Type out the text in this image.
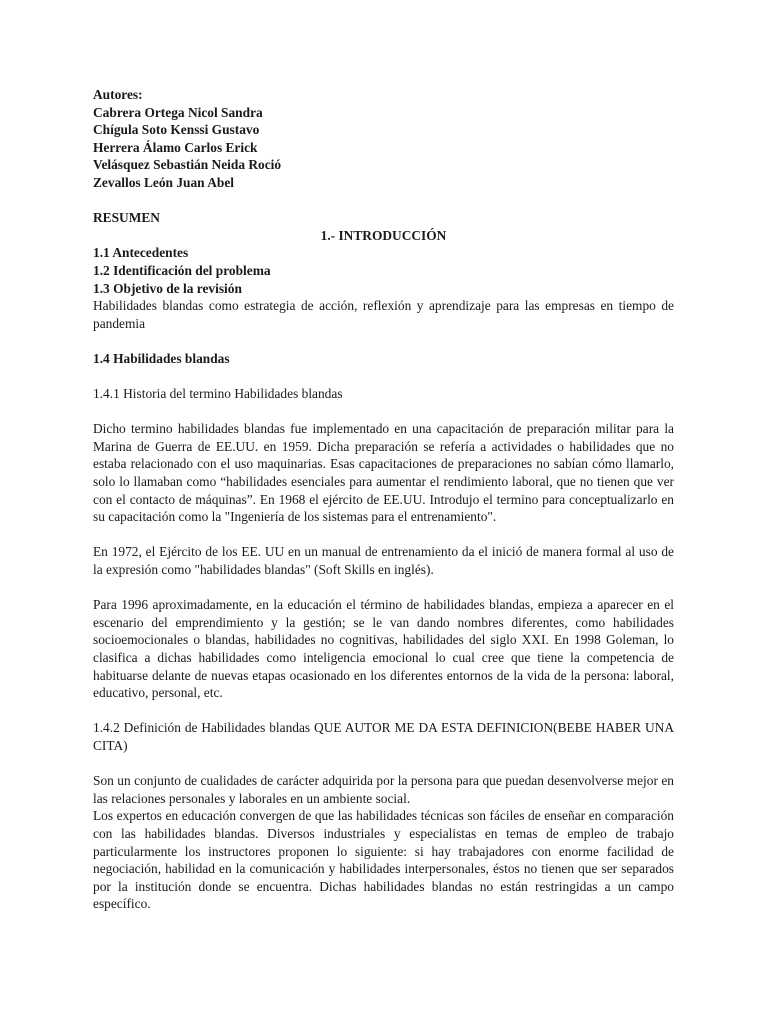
Autores:

Cabrera Ortega Nicol Sandra

Chígula Soto Kenssi Gustavo

Herrera Álamo Carlos Erick

Velásquez Sebastián Neida Roció

Zevallos León Juan Abel

RESUMEN

1.- INTRODUCCIÓN

1.1 Antecedentes

1.2 Identificación del problema

1.3 Objetivo de la revisión

Habilidades blandas como estrategia de acción, reflexión y aprendizaje para las empresas en tiempo de pandemia

1.4 Habilidades blandas

1.4.1 Historia del termino Habilidades blandas

Dicho termino habilidades blandas fue implementado en una capacitación de preparación militar para la Marina de Guerra de EE.UU. en 1959. Dicha preparación se refería a actividades o habilidades que no estaba relacionado con el uso maquinarias. Esas capacitaciones de preparaciones no sabían cómo llamarlo, solo lo llamaban como “habilidades esenciales para aumentar el rendimiento laboral, que no tienen que ver con el contacto de máquinas”. En 1968 el ejército de EE.UU. Introdujo el termino para conceptualizarlo en su capacitación como la "Ingeniería de los sistemas para el entrenamiento".

En 1972, el Ejército de los EE. UU en un manual de entrenamiento da el inició de manera formal al uso de la expresión como "habilidades blandas" (Soft Skills en inglés).

Para 1996 aproximadamente, en la educación el término de habilidades blandas, empieza a aparecer en el escenario del emprendimiento y la gestión; se le van dando nombres diferentes, como habilidades socioemocionales o blandas, habilidades no cognitivas, habilidades del siglo XXI. En 1998 Goleman, lo clasifica a dichas habilidades como inteligencia emocional lo cual cree que tiene la competencia de habituarse delante de nuevas etapas ocasionado en los diferentes entornos de la vida de la persona: laboral, educativo, personal, etc.

1.4.2 Definición de Habilidades blandas QUE AUTOR ME DA ESTA DEFINICION(BEBE HABER UNA CITA)

Son un conjunto de cualidades de carácter adquirida por la persona para que puedan desenvolverse mejor en las relaciones personales y laborales en un ambiente social.

Los expertos en educación convergen de que las habilidades técnicas son fáciles de enseñar en comparación con las habilidades blandas. Diversos industriales y especialistas en temas de empleo de trabajo particularmente los instructores proponen lo siguiente: si hay trabajadores con enorme facilidad de negociación, habilidad en la comunicación y habilidades interpersonales, éstos no tienen que ser separados por la institución donde se encuentra. Dichas habilidades blandas no están restringidas a un campo específico.
